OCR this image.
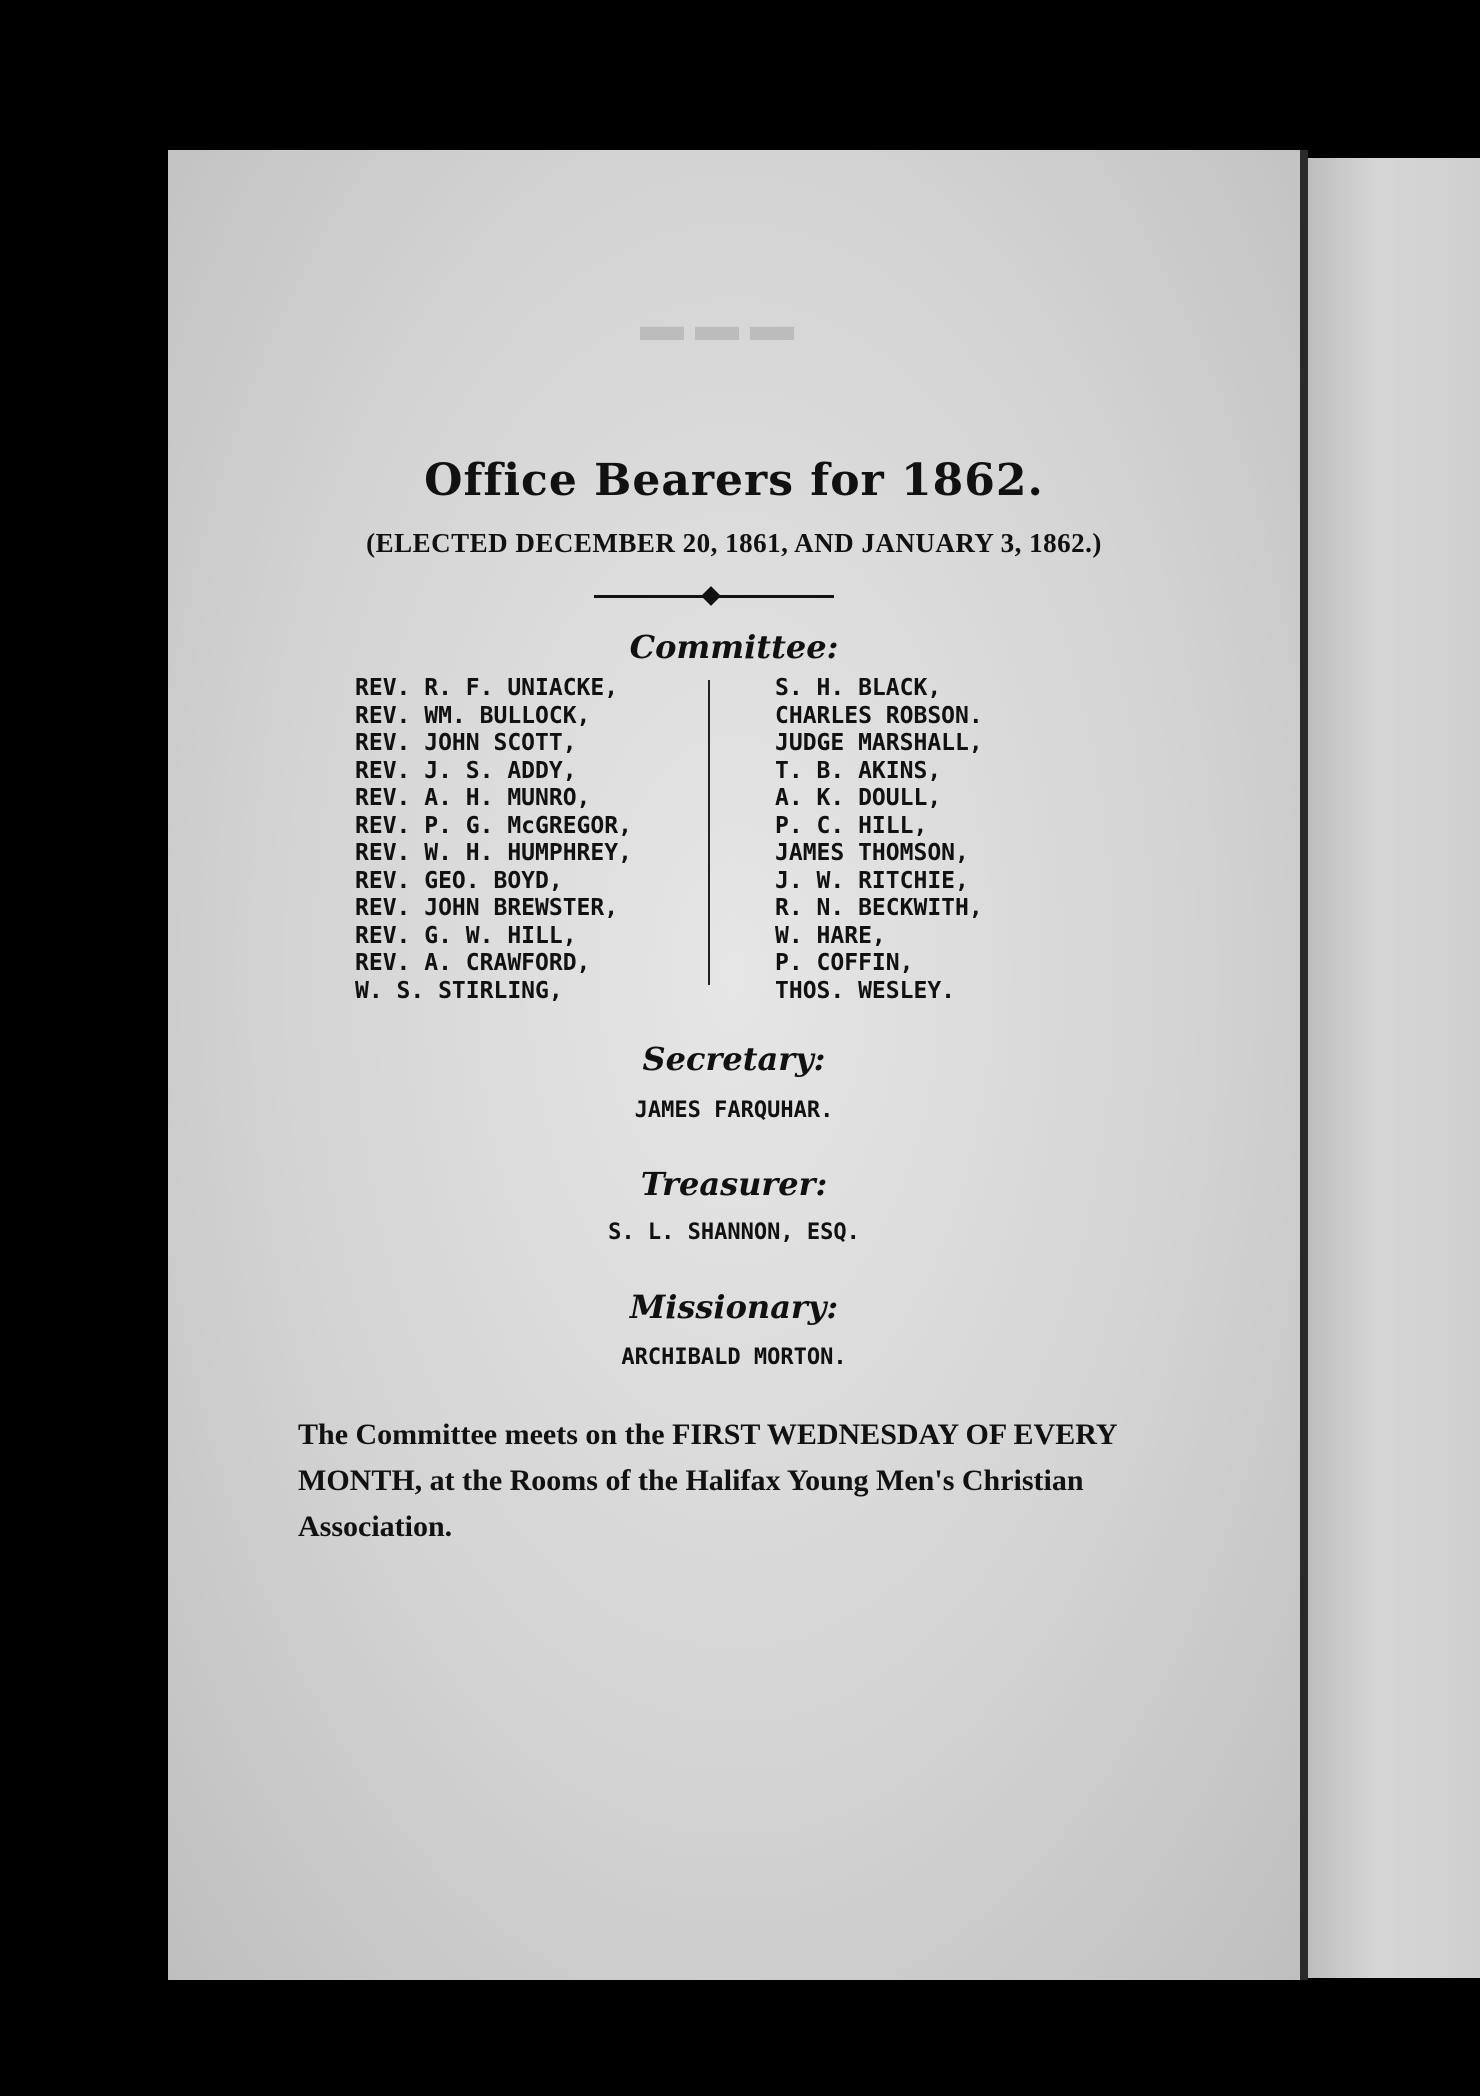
▬ ▬ ▬
Office Bearers for 1862.
(ELECTED DECEMBER 20, 1861, AND JANUARY 3, 1862.)
Committee:
REV. R. F. UNIACKE,
REV. WM. BULLOCK,
REV. JOHN SCOTT,
REV. J. S. ADDY,
REV. A. H. MUNRO,
REV. P. G. McGREGOR,
REV. W. H. HUMPHREY,
REV. GEO. BOYD,
REV. JOHN BREWSTER,
REV. G. W. HILL,
REV. A. CRAWFORD,
W. S. STIRLING,
S. H. BLACK,
CHARLES ROBSON.
JUDGE MARSHALL,
T. B. AKINS,
A. K. DOULL,
P. C. HILL,
JAMES THOMSON,
J. W. RITCHIE,
R. N. BECKWITH,
W. HARE,
P. COFFIN,
THOS. WESLEY.
Secretary:
JAMES FARQUHAR.
Treasurer:
S. L. SHANNON, ESQ.
Missionary:
ARCHIBALD MORTON.
The Committee meets on the FIRST WEDNESDAY OF EVERY MONTH, at the Rooms of the Halifax Young Men's Christian Association.
